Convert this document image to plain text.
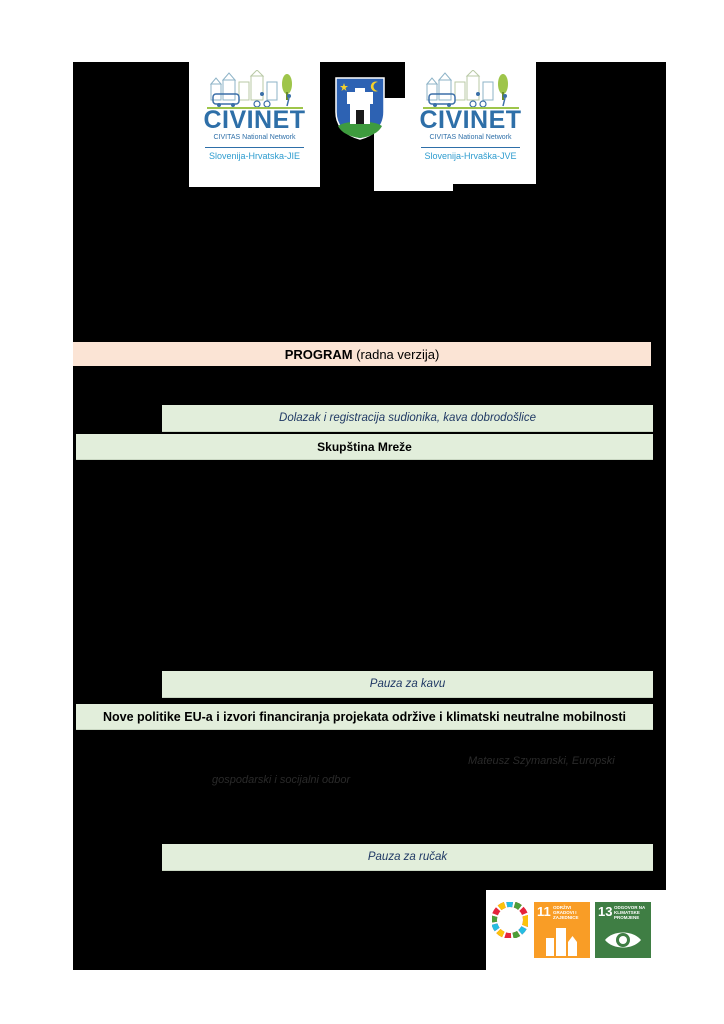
CIVINET
CIVITAS National Network
Slovenija-Hrvatska-JIE
CIVINET
CIVITAS National Network
Slovenija-Hrvaška-JVE
PROGRAM
(radna verzija)
Dolazak i registracija sudionika, kava dobrodošlice
Skupština Mreže
Pauza za kavu
Nove politike EU-a i izvori financiranja projekata održive i klimatski neutralne mobilnosti
Mateusz Szymanski, Europski
gospodarski i socijalni odbor
Pauza za ručak
11 ODRŽIVI GRADOVI I ZAJEDNICE	13 ODGOVOR NA KLIMATSKE PROMJENE
